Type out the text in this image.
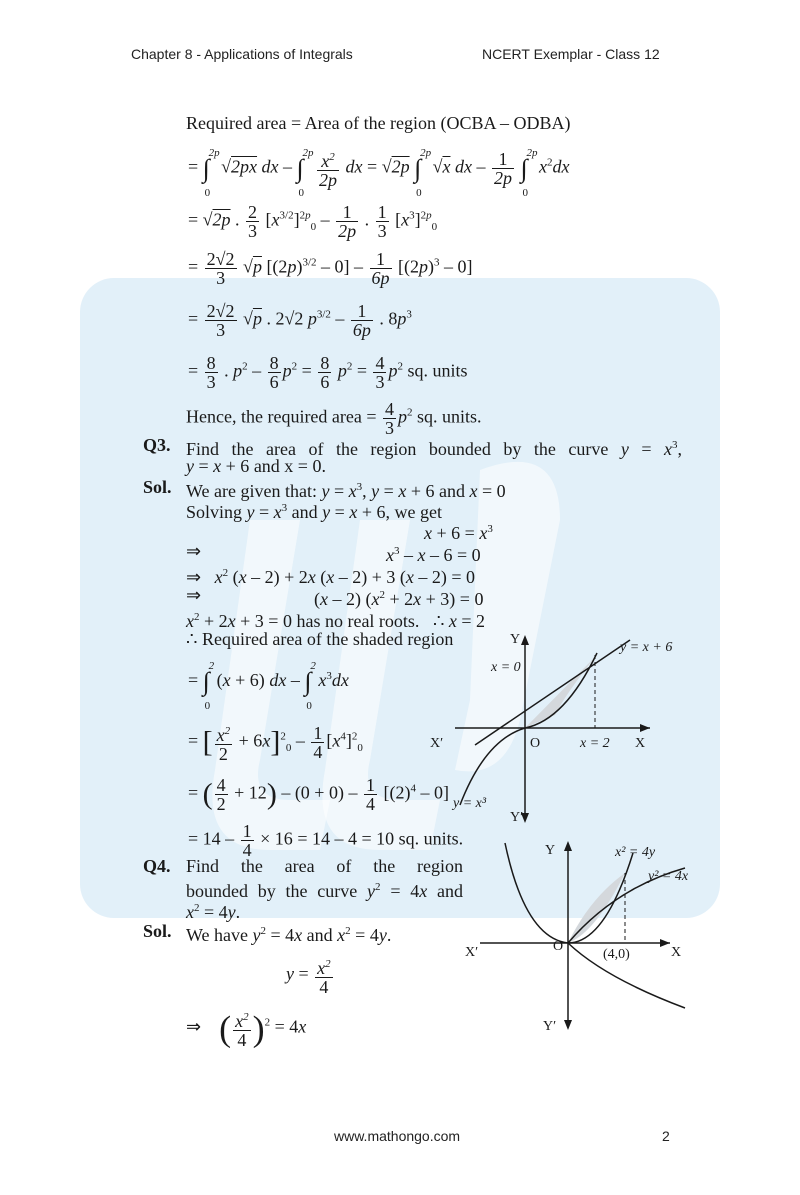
Chapter 8 - Applications of Integrals	NCERT Exemplar - Class 12
Required area = Area of the region (OCBA – ODBA)
= ∫
2p
0
√2px dx – ∫
2p
0

$\frac{x^2}{2p}$ dx = √2p ∫
2p
0
√x dx – $\frac{1}{2p}$ ∫
2p
0
$x^2dx$
= √2p . $\frac{2}{3} [x^{3/2}]^{2p}_0 - \frac{1}{2p}$ . $\frac{1}{3} [x^3]^{2p}_0$
= $\frac{2√2}{3} √p$ $[(2p)^{3/2} - 0] - \frac{1}{6p} [(2p)^3 - 0]$
= $\frac{2√2}{3} √p$ . 2√2 $p^{3/2} - \frac{1}{6p}$ . $8p^3$
= $\frac{8}{3}$ . $p^2 - \frac{8}{6} p^2 = \frac{8}{6} p^2 = \frac{4}{3} p^2$ sq. units
Hence, the required area = $\frac{4}{3} p^2$ sq. units.
Q3. Find the area of the region bounded by the curve $y = x^3$,
y = x + 6 and x = 0.
Sol. We are given that: $y = x^3$, y = x + 6 and x = 0
Solving $y = x^3$ and y = x + 6, we get
$x + 6 = x^3$
⇒	$x^3 - x - 6 = 0$
⇒   $x^2$ (x – 2) + 2x (x – 2) + 3 (x – 2) = 0
⇒	(x – 2) $(x^2 + 2x + 3) = 0$
$x^2 + 2x + 3 = 0$ has no real roots.   ∴ x = 2
∴ Required area of the shaded region
= ∫
2
0
(x + 6) dx – ∫
2
0
$x^3dx$
= [ $\frac{x^2}{2} + 6x]^2_0 - \frac{1}{4} [x^4]^2_0$
= ( $\frac{4}{2} + 12) - (0 + 0) - \frac{1}{4} [(2)^4 - 0]$
= $14 - \frac{1}{4} \times 16 = 14 - 4 = 10$ sq. units.
Q4. Find the area of the region
bounded by the curve $y^2 = 4x$ and
$x^2 = 4y$.
Sol. We have $y^2 = 4x$ and $x^2 = 4y$.
$y = \frac{x^2}{4}$
⇒    ( $\frac{x^2}{4} )^2 = 4x$
Y
Y′
X
X′	O
y = x + 6
x = 0
x = 2
y = x³
Y
Y′
X
X′	O
x² = 4y
y² = 4x
(4,0)
www.mathongo.com	2
